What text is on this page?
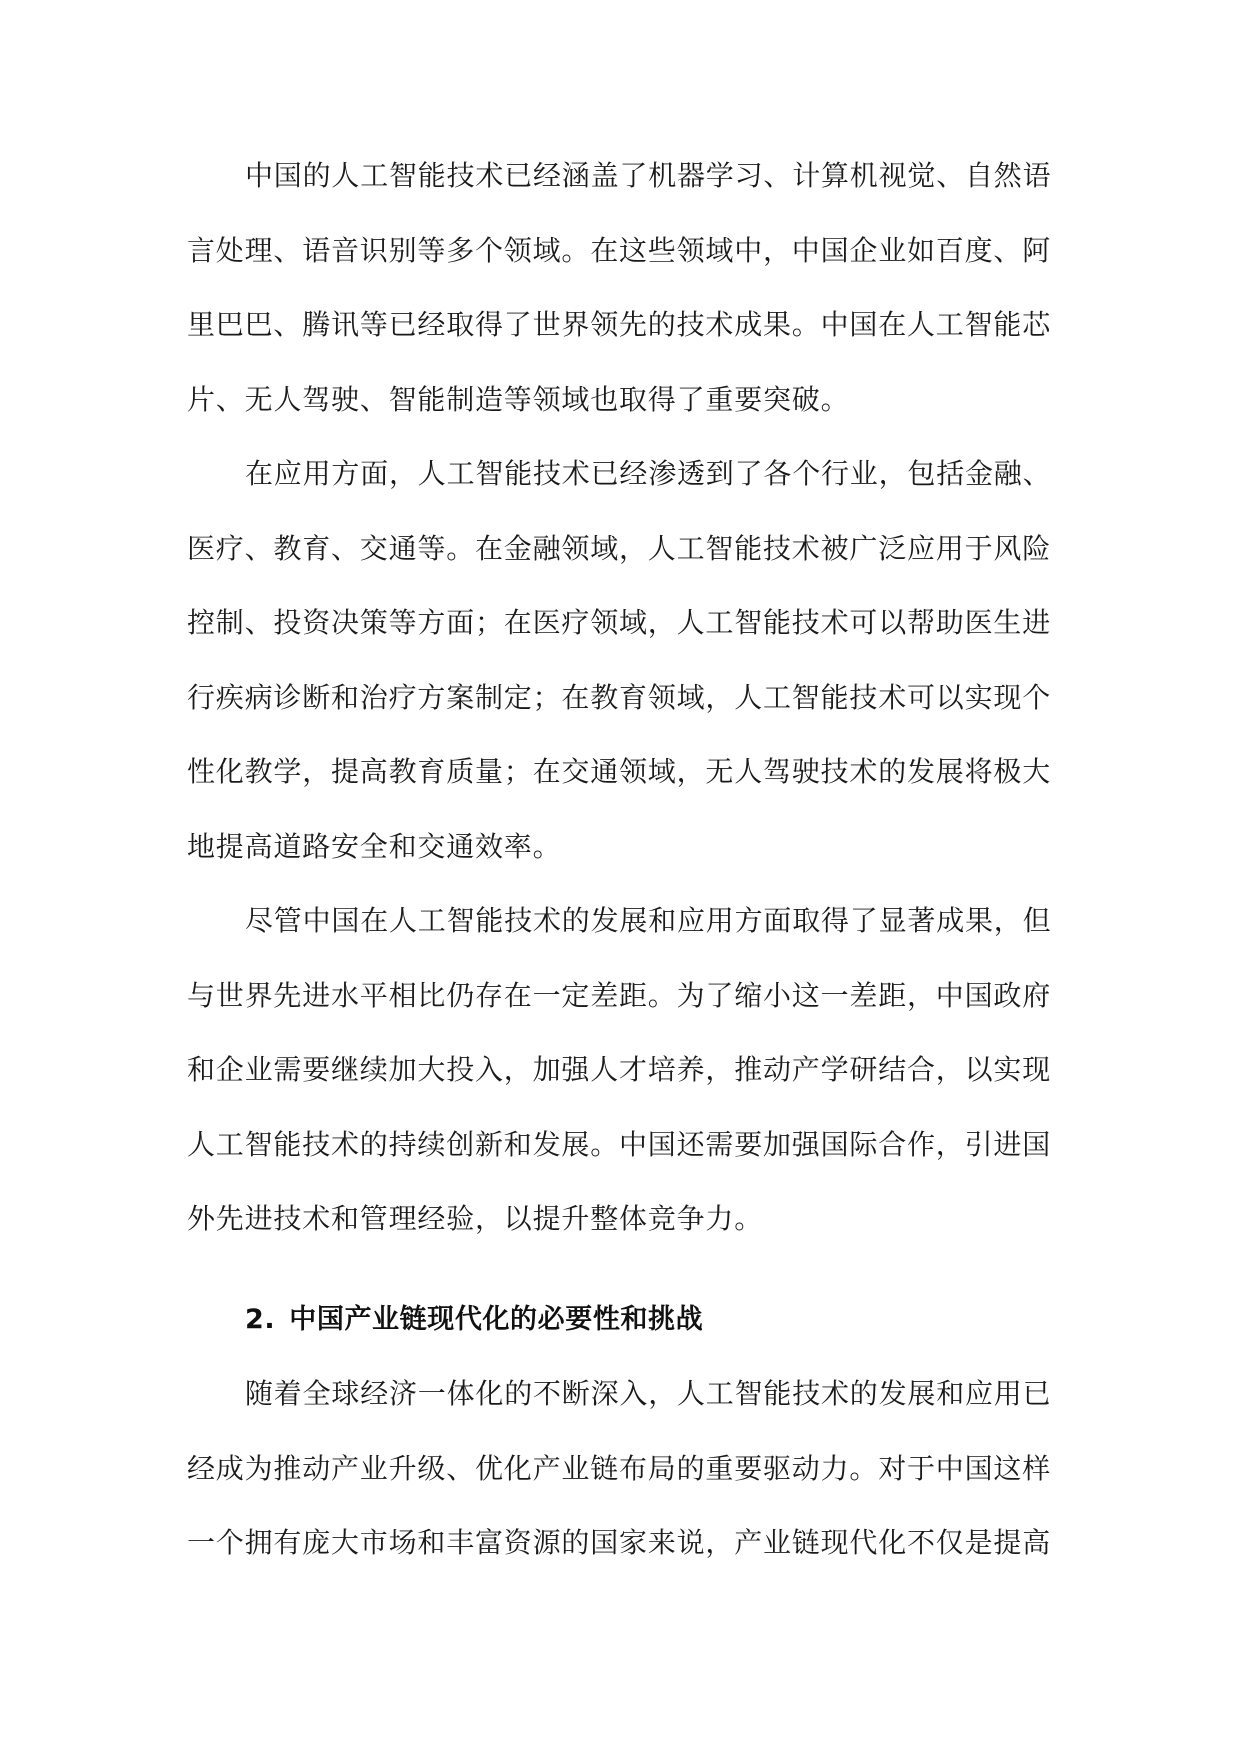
中国的人工智能技术已经涵盖了机器学习、计算机视觉、自然语

言处理、语音识别等多个领域。在这些领域中，中国企业如百度、阿

里巴巴、腾讯等已经取得了世界领先的技术成果。中国在人工智能芯

片、无人驾驶、智能制造等领域也取得了重要突破。

在应用方面，人工智能技术已经渗透到了各个行业，包括金融、

医疗、教育、交通等。在金融领域，人工智能技术被广泛应用于风险

控制、投资决策等方面；在医疗领域，人工智能技术可以帮助医生进

行疾病诊断和治疗方案制定；在教育领域，人工智能技术可以实现个

性化教学，提高教育质量；在交通领域，无人驾驶技术的发展将极大

地提高道路安全和交通效率。

尽管中国在人工智能技术的发展和应用方面取得了显著成果，但

与世界先进水平相比仍存在一定差距。为了缩小这一差距，中国政府

和企业需要继续加大投入，加强人才培养，推动产学研结合，以实现

人工智能技术的持续创新和发展。中国还需要加强国际合作，引进国

外先进技术和管理经验，以提升整体竞争力。

2. 中国产业链现代化的必要性和挑战

随着全球经济一体化的不断深入，人工智能技术的发展和应用已

经成为推动产业升级、优化产业链布局的重要驱动力。对于中国这样

一个拥有庞大市场和丰富资源的国家来说，产业链现代化不仅是提高
